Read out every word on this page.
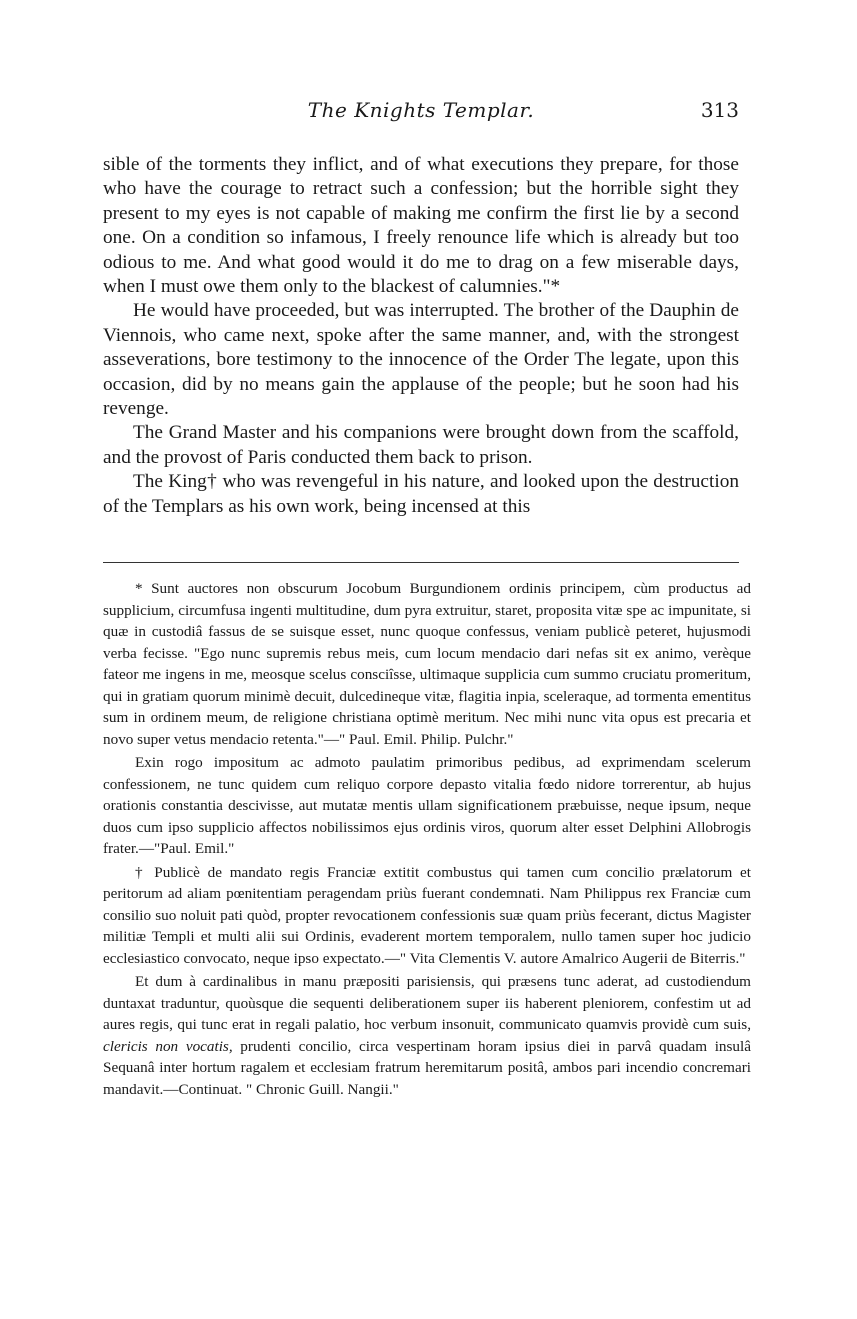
The Knights Templar.	313

sible of the torments they inflict, and of what executions they prepare, for those who have the courage to retract such a confession; but the horrible sight they present to my eyes is not capable of making me confirm the first lie by a second one. On a condition so infamous, I freely renounce life which is already but too odious to me. And what good would it do me to drag on a few miserable days, when I must owe them only to the blackest of calumnies."*

He would have proceeded, but was interrupted. The brother of the Dauphin de Viennois, who came next, spoke after the same manner, and, with the strongest asseverations, bore testimony to the innocence of the Order The legate, upon this occasion, did by no means gain the applause of the people; but he soon had his revenge.

The Grand Master and his companions were brought down from the scaffold, and the provost of Paris conducted them back to prison.

The King† who was revengeful in his nature, and looked upon the destruction of the Templars as his own work, being incensed at this

* Sunt auctores non obscurum Jocobum Burgundionem ordinis principem, cùm productus ad supplicium, circumfusa ingenti multitudine, dum pyra extruitur, staret, proposita vitæ spe ac impunitate, si quæ in custodiâ fassus de se suisque esset, nunc quoque confessus, veniam publicè peteret, hujusmodi verba fecisse. "Ego nunc supremis rebus meis, cum locum mendacio dari nefas sit ex animo, verèque fateor me ingens in me, meosque scelus consciîsse, ultimaque supplicia cum summo cruciatu promeritum, qui in gratiam quorum minimè decuit, dulcedineque vitæ, flagitia inpia, sceleraque, ad tormenta ementitus sum in ordinem meum, de religione christiana optimè meritum. Nec mihi nunc vita opus est precaria et novo super vetus mendacio retenta."—" Paul. Emil. Philip. Pulchr."

Exin rogo impositum ac admoto paulatim primoribus pedibus, ad exprimendam scelerum confessionem, ne tunc quidem cum reliquo corpore depasto vitalia fœdo nidore torrerentur, ab hujus orationis constantia descivisse, aut mutatæ mentis ullam significationem præbuisse, neque ipsum, neque duos cum ipso supplicio affectos nobilissimos ejus ordinis viros, quorum alter esset Delphini Allobrogis frater.—"Paul. Emil."

† Publicè de mandato regis Franciæ extitit combustus qui tamen cum concilio prælatorum et peritorum ad aliam pœnitentiam peragendam priùs fuerant condemnati. Nam Philippus rex Franciæ cum consilio suo noluit pati quòd, propter revocationem confessionis suæ quam priùs fecerant, dictus Magister militiæ Templi et multi alii sui Ordinis, evaderent mortem temporalem, nullo tamen super hoc judicio ecclesiastico convocato, neque ipso expectato.—" Vita Clementis V. autore Amalrico Augerii de Biterris."

Et dum à cardinalibus in manu præpositi parisiensis, qui præsens tunc aderat, ad custodiendum duntaxat traduntur, quoùsque die sequenti deliberationem super iis haberent pleniorem, confestim ut ad aures regis, qui tunc erat in regali palatio, hoc verbum insonuit, communicato quamvis providè cum suis, clericis non vocatis, prudenti concilio, circa vespertinam horam ipsius diei in parvâ quadam insulâ Sequanâ inter hortum ragalem et ecclesiam fratrum heremitarum positâ, ambos pari incendio concremari mandavit.—Continuat. " Chronic Guill. Nangii."
